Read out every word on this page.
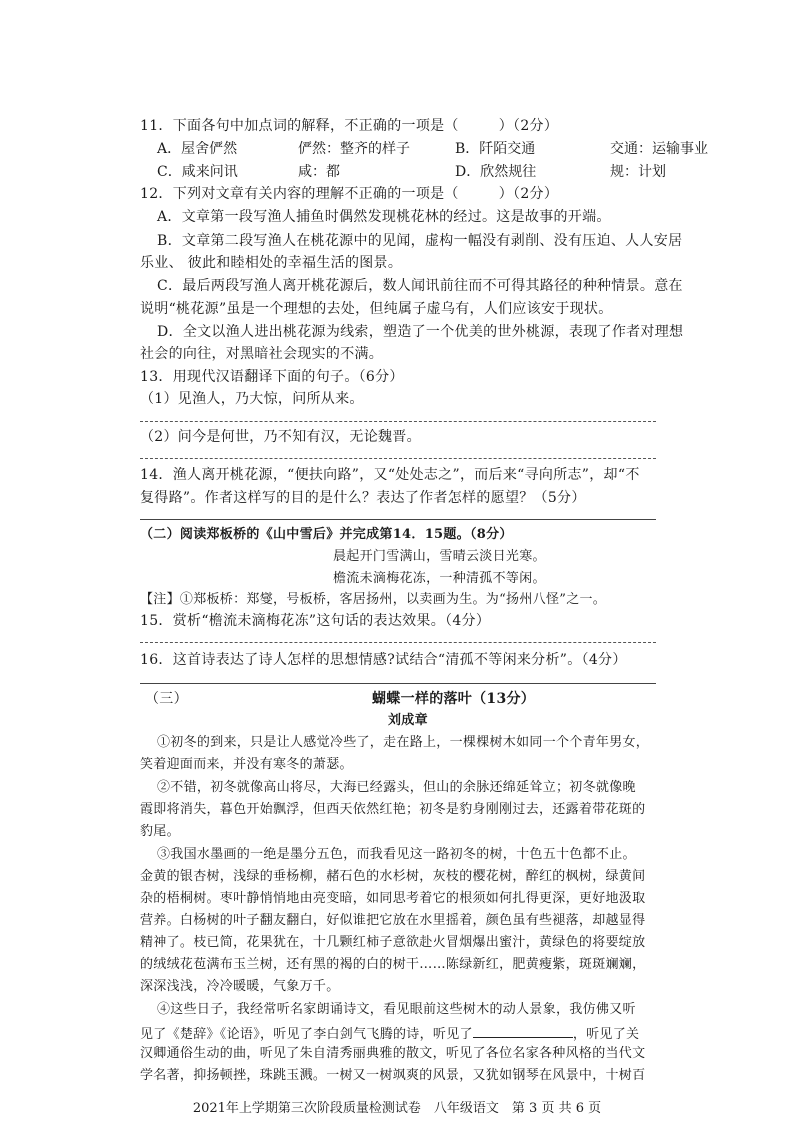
11．下面各句中加点词的解释，不正确的一项是（	）（2分）
A．屋舍俨然	俨然：整齐的样子	B．阡陌交通	交通：运输事业
C．咸来问讯	咸：都	D．欣然规往	规：计划
12．下列对文章有关内容的理解不正确的一项是（	）（2分）
A．文章第一段写渔人捕鱼时偶然发现桃花林的经过。这是故事的开端。
B．文章第二段写渔人在桃花源中的见闻，虚构一幅没有剥削、没有压迫、人人安居
乐业、 彼此和睦相处的幸福生活的图景。
C．最后两段写渔人离开桃花源后，数人闻讯前往而不可得其路径的种种情景。意在
说明“桃花源”虽是一个理想的去处，但纯属子虚乌有，人们应该安于现状。
D．全文以渔人进出桃花源为线索，塑造了一个优美的世外桃源，表现了作者对理想
社会的向往，对黑暗社会现实的不满。
13．用现代汉语翻译下面的句子。（6分）
（1）见渔人，乃大惊，问所从来。
（2）问今是何世，乃不知有汉，无论魏晋。
14．渔人离开桃花源，“便扶向路”，又“处处志之”，而后来“寻向所志”，却“不
复得路”。作者这样写的目的是什么？表达了作者怎样的愿望？（5分）
（二）阅读郑板桥的《山中雪后》并完成第14．15题。（8分）
晨起开门雪满山，雪晴云淡日光寒。
檐流未滴梅花冻，一种清孤不等闲。
【注】①郑板桥：郑燮，号板桥，客居扬州，以卖画为生。为“扬州八怪”之一。
15．赏析“檐流未滴梅花冻”这句话的表达效果。（4分）
16．这首诗表达了诗人怎样的思想情感?试结合“清孤不等闲来分析”。（4分）
（三）	蝴蝶一样的落叶（13分）
刘成章
①初冬的到来，只是让人感觉冷些了，走在路上，一棵棵树木如同一个个青年男女，
笑着迎面而来，并没有寒冬的萧瑟。
②不错，初冬就像高山将尽，大海已经露头，但山的余脉还绵延耸立；初冬就像晚
霞即将消失，暮色开始飘浮，但西天依然红艳；初冬是豹身刚刚过去，还露着带花斑的
豹尾。
③我国水墨画的一绝是墨分五色，而我看见这一路初冬的树，十色五十色都不止。
金黄的银杏树，浅绿的垂杨柳，赭石色的水杉树，灰枝的樱花树，醉红的枫树，绿黄间
杂的梧桐树。枣叶静悄悄地由亮变暗，如同思考着它的根须如何扎得更深，更好地汲取
营养。白杨树的叶子翻友翻白，好似谁把它放在水里摇着，颜色虽有些褪落，却越显得
精神了。枝已简，花果犹在，十几颗红柿子意欲赴火冒烟爆出蜜汁，黄绿色的将要绽放
的绒绒花苞满布玉兰树，还有黑的褐的白的树干……陈绿新红，肥黄瘦紫，斑斑斓斓，
深深浅浅，冷冷暖暖，气象万千。
④这些日子，我经常听名家朗诵诗文，看见眼前这些树木的动人景象，我仿佛又听
见了《楚辞》《论语》，听见了李白剑气飞腾的诗，听见了	，听见了关
汉卿通俗生动的曲，听见了朱自清秀丽典雅的散文，听见了各位名家各种风格的当代文
学名著，抑扬顿挫，珠跳玉溅。一树又一树飒爽的风景，又犹如钢琴在风景中，十树百
2021年上学期第三次阶段质量检测试卷　八年级语文　第 3 页 共 6 页
